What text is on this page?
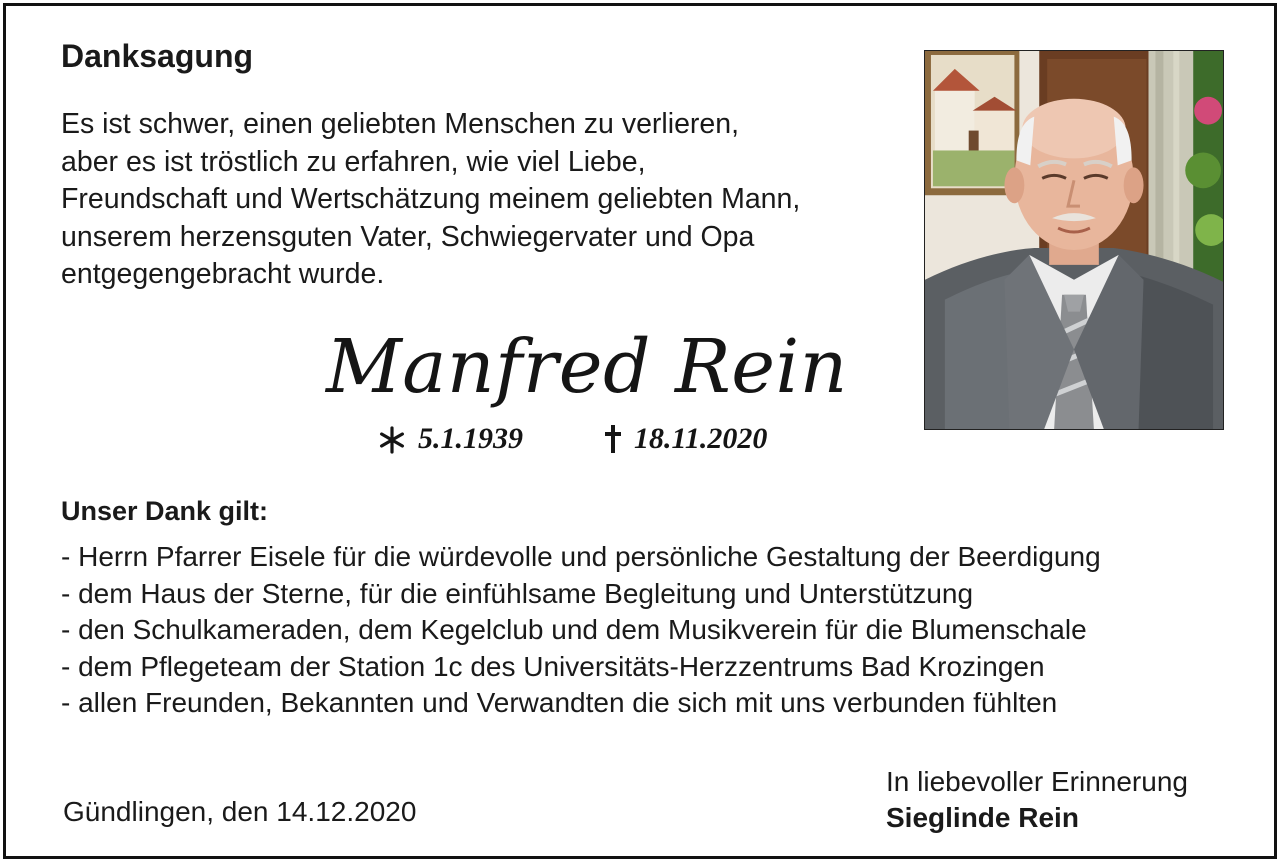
Danksagung
Es ist schwer, einen geliebten Menschen zu verlieren,
aber es ist tröstlich zu erfahren, wie viel Liebe,
Freundschaft und Wertschätzung meinem geliebten Mann,
unserem herzensguten Vater, Schwiegervater und Opa
entgegengebracht wurde.
Manfred Rein
5.1.1939	18.11.2020
Unser Dank gilt:
- Herrn Pfarrer Eisele für die würdevolle und persönliche Gestaltung der Beerdigung
- dem Haus der Sterne, für die einfühlsame Begleitung und Unterstützung
- den Schulkameraden, dem Kegelclub und dem Musikverein für die Blumenschale
- dem Pflegeteam der Station 1c des Universitäts-Herzzentrums Bad Krozingen
- allen Freunden, Bekannten und Verwandten die sich mit uns verbunden fühlten
Gündlingen, den 14.12.2020
In liebevoller Erinnerung
Sieglinde Rein
